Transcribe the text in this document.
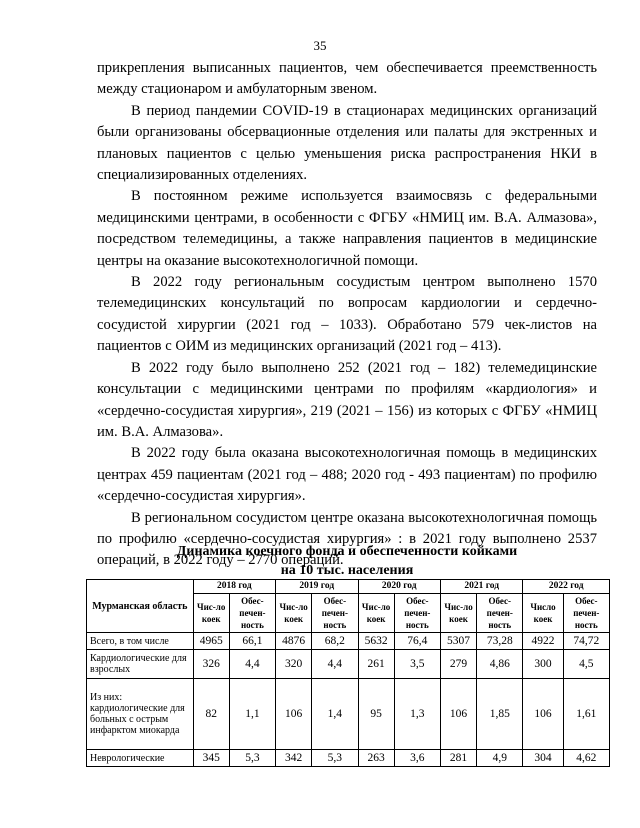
35

прикрепления выписанных пациентов, чем обеспечивается преемственность между стационаром и амбулаторным звеном.

В период пандемии COVID-19 в стационарах медицинских организаций были организованы обсервационные отделения или палаты для экстренных и плановых пациентов с целью уменьшения риска распространения НКИ в специализированных отделениях.

В постоянном режиме используется взаимосвязь с федеральными медицинскими центрами, в особенности с ФГБУ «НМИЦ им. В.А. Алмазова», посредством телемедицины, а также направления пациентов в медицинские центры на оказание высокотехнологичной помощи.

В 2022 году региональным сосудистым центром выполнено 1570 телемедицинских консультаций по вопросам кардиологии и сердечно-сосудистой хирургии (2021 год – 1033). Обработано 579 чек-листов на пациентов с ОИМ из медицинских организаций (2021 год – 413).

В 2022 году было выполнено 252 (2021 год – 182) телемедицинские консультации с медицинскими центрами по профилям «кардиология» и «сердечно-сосудистая хирургия», 219 (2021 – 156) из которых с ФГБУ «НМИЦ им. В.А. Алмазова».

В 2022 году была оказана высокотехнологичная помощь в медицинских центрах 459 пациентам (2021 год – 488; 2020 год - 493 пациентам) по профилю «сердечно-сосудистая хирургия».

В региональном сосудистом центре оказана высокотехнологичная помощь по профилю «сердечно-сосудистая хирургия» : в 2021 году выполнено 2537 операций, в 2022 году – 2770 операций.

Динамика коечного фонда и обеспеченности койками
на 10 тыс. населения
Мурманская область	2018 год		2019 год		2020 год		2021 год		2022 год	
	Чис-ло коек	Обес-печен-ность	Чис-ло коек	Обес-печен-ность	Чис-ло коек	Обес-печен-ность	Чис-ло коек	Обес-печен-ность	Число коек	Обес-печен-ность
Всего, в том числе	4965	66,1	4876	68,2	5632	76,4	5307	73,28	4922	74,72
Кардиологические для взрослых	326	4,4	320	4,4	261	3,5	279	4,86	300	4,5
Из них: кардиологические для больных с острым инфарктом миокарда	82	1,1	106	1,4	95	1,3	106	1,85	106	1,61
Неврологические	345	5,3	342	5,3	263	3,6	281	4,9	304	4,62
